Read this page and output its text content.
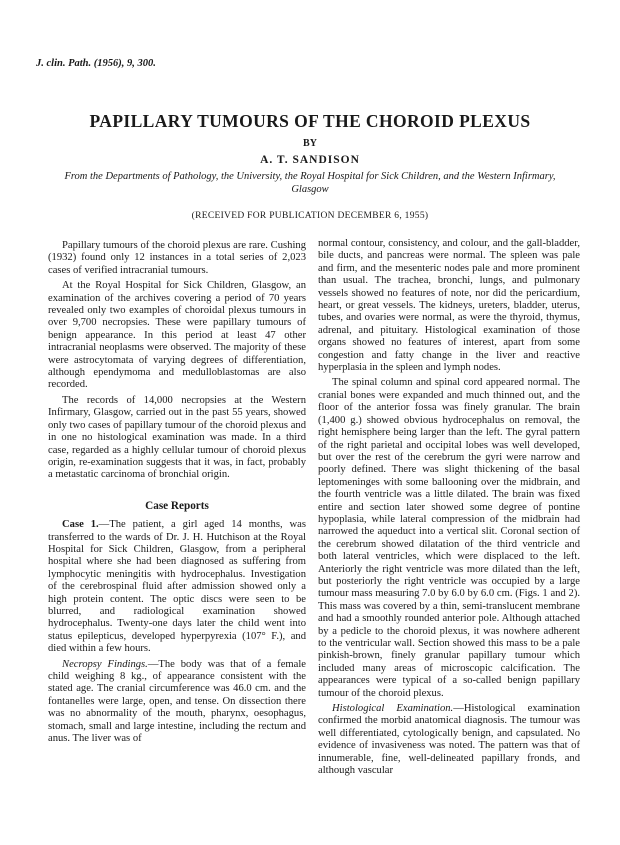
J. clin. Path. (1956), 9, 300.
PAPILLARY TUMOURS OF THE CHOROID PLEXUS
BY
A. T. SANDISON
From the Departments of Pathology, the University, the Royal Hospital for Sick Children, and the Western Infirmary, Glasgow
(RECEIVED FOR PUBLICATION DECEMBER 6, 1955)

Papillary tumours of the choroid plexus are rare. Cushing (1932) found only 12 instances in a total series of 2,023 cases of verified intracranial tumours.

At the Royal Hospital for Sick Children, Glasgow, an examination of the archives covering a period of 70 years revealed only two examples of choroidal plexus tumours in over 9,700 necropsies. These were papillary tumours of benign appearance. In this period at least 47 other intracranial neoplasms were observed. The majority of these were astrocytomata of varying degrees of differentiation, although ependymoma and medulloblastomas are also recorded.

The records of 14,000 necropsies at the Western Infirmary, Glasgow, carried out in the past 55 years, showed only two cases of papillary tumour of the choroid plexus and in one no histological examination was made. In a third case, regarded as a highly cellular tumour of choroid plexus origin, re-examination suggests that it was, in fact, probably a metastatic carcinoma of bronchial origin.

Case Reports

Case 1.—The patient, a girl aged 14 months, was transferred to the wards of Dr. J. H. Hutchison at the Royal Hospital for Sick Children, Glasgow, from a peripheral hospital where she had been diagnosed as suffering from lymphocytic meningitis with hydrocephalus. Investigation of the cerebrospinal fluid after admission showed only a high protein content. The optic discs were seen to be blurred, and radiological examination showed hydrocephalus. Twenty-one days later the child went into status epilepticus, developed hyperpyrexia (107° F.), and died within a few hours.

Necropsy Findings.—The body was that of a female child weighing 8 kg., of appearance consistent with the stated age. The cranial circumference was 46.0 cm. and the fontanelles were large, open, and tense. On dissection there was no abnormality of the mouth, pharynx, oesophagus, stomach, small and large intestine, including the rectum and anus. The liver was of

normal contour, consistency, and colour, and the gall-bladder, bile ducts, and pancreas were normal. The spleen was pale and firm, and the mesenteric nodes pale and more prominent than usual. The trachea, bronchi, lungs, and pulmonary vessels showed no features of note, nor did the pericardium, heart, or great vessels. The kidneys, ureters, bladder, uterus, tubes, and ovaries were normal, as were the thyroid, thymus, adrenal, and pituitary. Histological examination of those organs showed no features of interest, apart from some congestion and fatty change in the liver and reactive hyperplasia in the spleen and lymph nodes.

The spinal column and spinal cord appeared normal. The cranial bones were expanded and much thinned out, and the floor of the anterior fossa was finely granular. The brain (1,400 g.) showed obvious hydrocephalus on removal, the right hemisphere being larger than the left. The gyral pattern of the right parietal and occipital lobes was well developed, but over the rest of the cerebrum the gyri were narrow and poorly defined. There was slight thickening of the basal leptomeninges with some ballooning over the midbrain, and the fourth ventricle was a little dilated. The brain was fixed entire and section later showed some degree of pontine hypoplasia, while lateral compression of the midbrain had narrowed the aqueduct into a vertical slit. Coronal section of the cerebrum showed dilatation of the third ventricle and both lateral ventricles, which were displaced to the left. Anteriorly the right ventricle was more dilated than the left, but posteriorly the right ventricle was occupied by a large tumour mass measuring 7.0 by 6.0 by 6.0 cm. (Figs. 1 and 2). This mass was covered by a thin, semi-translucent membrane and had a smoothly rounded anterior pole. Although attached by a pedicle to the choroid plexus, it was nowhere adherent to the ventricular wall. Section showed this mass to be a pale pinkish-brown, finely granular papillary tumour which included many areas of microscopic calcification. The appearances were typical of a so-called benign papillary tumour of the choroid plexus.

Histological Examination.—Histological examination confirmed the morbid anatomical diagnosis. The tumour was well differentiated, cytologically benign, and capsulated. No evidence of invasiveness was noted. The pattern was that of innumerable, fine, well-delineated papillary fronds, and although vascular
